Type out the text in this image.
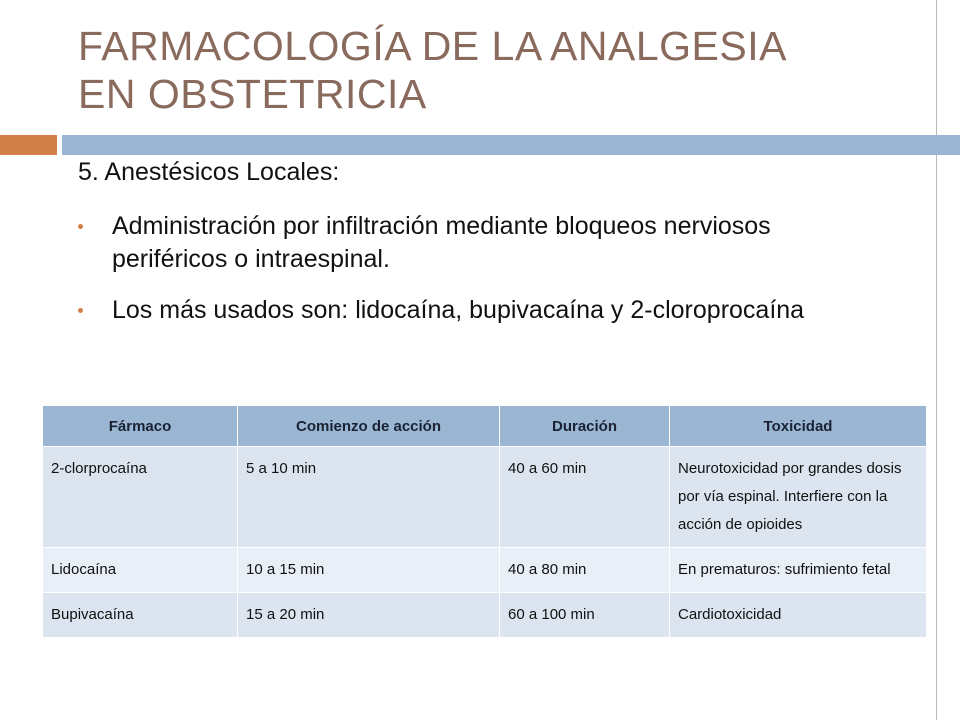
FARMACOLOGÍA DE LA ANALGESIA
EN OBSTETRICIA

5. Anestésicos Locales:

Administración por infiltración mediante bloqueos nerviosos periféricos o intraespinal.
Los más usados son: lidocaína, bupivacaína y 2-cloroprocaína
Fármaco	Comienzo de acción	Duración	Toxicidad
2-clorprocaína	5 a 10 min	40 a 60 min	Neurotoxicidad por grandes dosis por vía espinal. Interfiere con la acción de opioides
Lidocaína	10 a 15 min	40 a 80 min	En prematuros: sufrimiento fetal
Bupivacaína	15 a 20 min	60 a 100 min	Cardiotoxicidad
